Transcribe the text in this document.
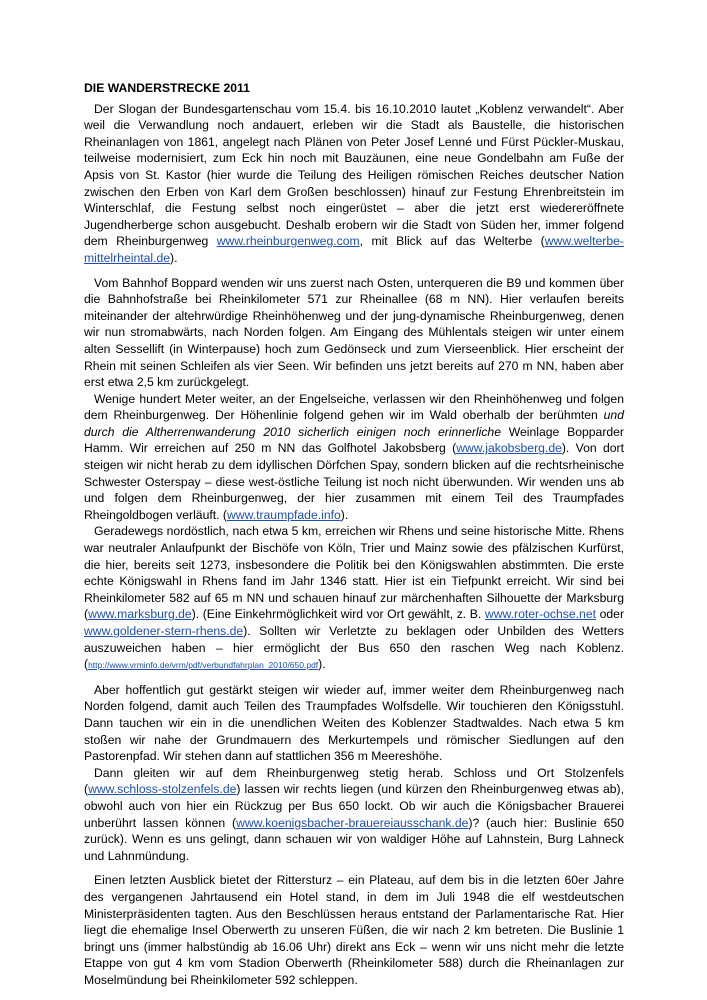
DIE WANDERSTRECKE 2011

Der Slogan der Bundesgartenschau vom 15.4. bis 16.10.2010 lautet „Koblenz verwandelt“. Aber weil die Verwandlung noch andauert, erleben wir die Stadt als Baustelle, die historischen Rheinanlagen von 1861, angelegt nach Plänen von Peter Josef Lenné und Fürst Pückler-Muskau, teilweise modernisiert, zum Eck hin noch mit Bauzäunen, eine neue Gondelbahn am Fuße der Apsis von St. Kastor (hier wurde die Teilung des Heiligen römischen Reiches deutscher Nation zwischen den Erben von Karl dem Großen beschlossen) hinauf zur Festung Ehrenbreitstein im Winterschlaf, die Festung selbst noch eingerüstet – aber die jetzt erst wiedereröffnete Jugendherberge schon ausgebucht. Deshalb erobern wir die Stadt von Süden her, immer folgend dem Rheinburgenweg www.rheinburgenweg.com, mit Blick auf das Welterbe (www.welterbe-mittelrheintal.de).

Vom Bahnhof Boppard wenden wir uns zuerst nach Osten, unterqueren die B9 und kommen über die Bahnhofstraße bei Rheinkilometer 571 zur Rheinallee (68 m NN). Hier verlaufen bereits miteinander der altehrwürdige Rheinhöhenweg und der jung-dynamische Rheinburgenweg, denen wir nun stromabwärts, nach Norden folgen. Am Eingang des Mühlentals steigen wir unter einem alten Sessellift (in Winterpause) hoch zum Gedönseck und zum Vierseenblick. Hier erscheint der Rhein mit seinen Schleifen als vier Seen. Wir befinden uns jetzt bereits auf 270 m NN, haben aber erst etwa 2,5 km zurückgelegt.

Wenige hundert Meter weiter, an der Engelseiche, verlassen wir den Rheinhöhenweg und folgen dem Rheinburgenweg. Der Höhenlinie folgend gehen wir im Wald oberhalb der berühmten und durch die Altherrenwanderung 2010 sicherlich einigen noch erinnerliche Weinlage Bopparder Hamm. Wir erreichen auf 250 m NN das Golfhotel Jakobsberg (www.jakobsberg.de). Von dort steigen wir nicht herab zu dem idyllischen Dörfchen Spay, sondern blicken auf die rechtsrheinische Schwester Osterspay – diese west-östliche Teilung ist noch nicht überwunden. Wir wenden uns ab und folgen dem Rheinburgenweg, der hier zusammen mit einem Teil des Traumpfades Rheingoldbogen verläuft. (www.traumpfade.info).

Geradewegs nordöstlich, nach etwa 5 km, erreichen wir Rhens und seine historische Mitte. Rhens war neutraler Anlaufpunkt der Bischöfe von Köln, Trier und Mainz sowie des pfälzischen Kurfürst, die hier, bereits seit 1273, insbesondere die Politik bei den Königswahlen abstimmten. Die erste echte Königswahl in Rhens fand im Jahr 1346 statt. Hier ist ein Tiefpunkt erreicht. Wir sind bei Rheinkilometer 582 auf 65 m NN und schauen hinauf zur märchenhaften Silhouette der Marksburg (www.marksburg.de). (Eine Einkehrmöglichkeit wird vor Ort gewählt, z. B. www.roter-ochse.net oder www.goldener-stern-rhens.de). Sollten wir Verletzte zu beklagen oder Unbilden des Wetters auszuweichen haben – hier ermöglicht der Bus 650 den raschen Weg nach Koblenz. (http://www.vrminfo.de/vrm/pdf/verbundfahrplan_2010/650.pdf).

Aber hoffentlich gut gestärkt steigen wir wieder auf, immer weiter dem Rheinburgenweg nach Norden folgend, damit auch Teilen des Traumpfades Wolfsdelle. Wir touchieren den Königsstuhl. Dann tauchen wir ein in die unendlichen Weiten des Koblenzer Stadtwaldes. Nach etwa 5 km stoßen wir nahe der Grundmauern des Merkurtempels und römischer Siedlungen auf den Pastorenpfad. Wir stehen dann auf stattlichen 356 m Meereshöhe.

Dann gleiten wir auf dem Rheinburgenweg stetig herab. Schloss und Ort Stolzenfels (www.schloss-stolzenfels.de) lassen wir rechts liegen (und kürzen den Rheinburgenweg etwas ab), obwohl auch von hier ein Rückzug per Bus 650 lockt. Ob wir auch die Königsbacher Brauerei unberührt lassen können (www.koenigsbacher-brauereiausschank.de)? (auch hier: Buslinie 650 zurück). Wenn es uns gelingt, dann schauen wir von waldiger Höhe auf Lahnstein, Burg Lahneck und Lahnmündung.

Einen letzten Ausblick bietet der Rittersturz – ein Plateau, auf dem bis in die letzten 60er Jahre des vergangenen Jahrtausend ein Hotel stand, in dem im Juli 1948 die elf westdeutschen Ministerpräsidenten tagten. Aus den Beschlüssen heraus entstand der Parlamentarische Rat. Hier liegt die ehemalige Insel Oberwerth zu unseren Füßen, die wir nach 2 km betreten. Die Buslinie 1 bringt uns (immer halbstündig ab 16.06 Uhr) direkt ans Eck – wenn wir uns nicht mehr die letzte Etappe von gut 4 km vom Stadion Oberwerth (Rheinkilometer 588) durch die Rheinanlagen zur Moselmündung bei Rheinkilometer 592 schleppen.
